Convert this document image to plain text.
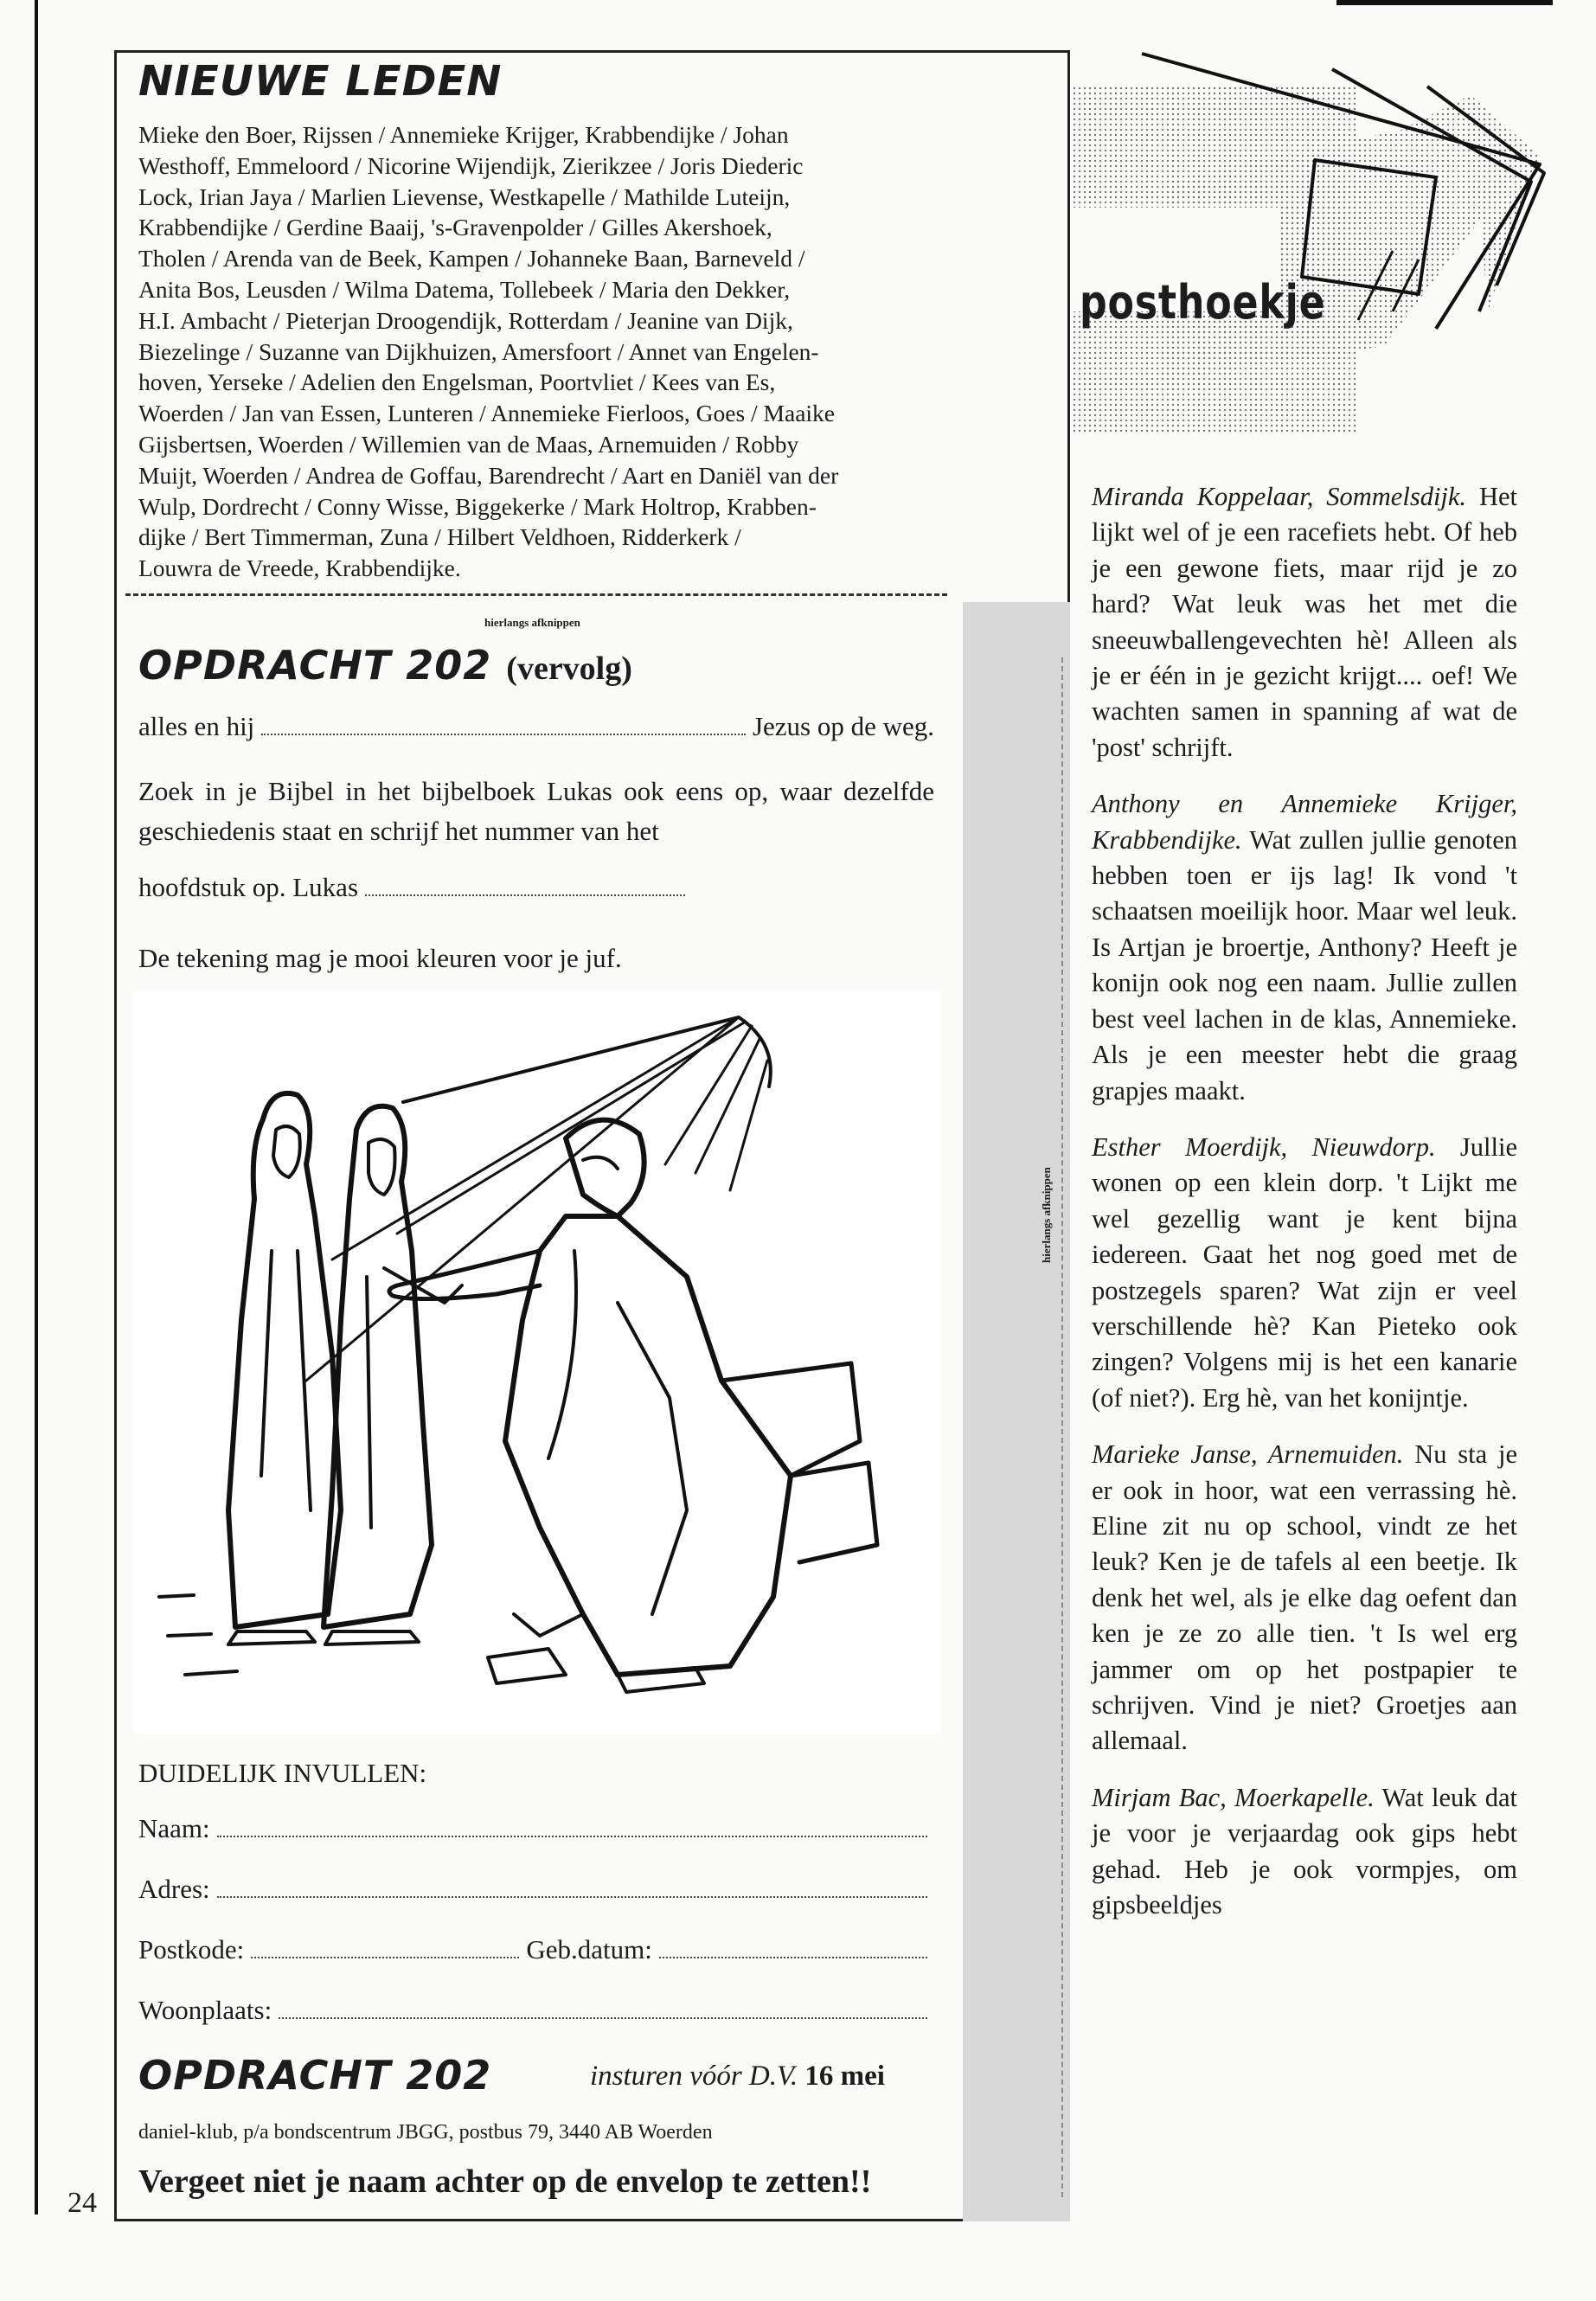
24
hierlangs afknippen
NIEUWE LEDEN
Mieke den Boer, Rijssen / Annemieke Krijger, Krabbendijke / Johan
Westhoff, Emmeloord / Nicorine Wijendijk, Zierikzee / Joris Diederic
Lock, Irian Jaya / Marlien Lievense, Westkapelle / Mathilde Luteijn,
Krabbendijke / Gerdine Baaij, 's-Gravenpolder / Gilles Akershoek,
Tholen / Arenda van de Beek, Kampen / Johanneke Baan, Barneveld /
Anita Bos, Leusden / Wilma Datema, Tollebeek / Maria den Dekker,
H.I. Ambacht / Pieterjan Droogendijk, Rotterdam / Jeanine van Dijk,
Biezelinge / Suzanne van Dijkhuizen, Amersfoort / Annet van Engelen-
hoven, Yerseke / Adelien den Engelsman, Poortvliet / Kees van Es,
Woerden / Jan van Essen, Lunteren / Annemieke Fierloos, Goes / Maaike
Gijsbertsen, Woerden / Willemien van de Maas, Arnemuiden / Robby
Muijt, Woerden / Andrea de Goffau, Barendrecht / Aart en Daniël van der
Wulp, Dordrecht / Conny Wisse, Biggekerke / Mark Holtrop, Krabben-
dijke / Bert Timmerman, Zuna / Hilbert Veldhoen, Ridderkerk /
Louwra de Vreede, Krabbendijke.
hierlangs afknippen
OPDRACHT 202 (vervolg)
alles en hij	Jezus op de weg.
Zoek in je Bijbel in het bijbelboek Lukas ook eens op, waar dezelfde geschiedenis staat en schrijf het nummer van het
hoofdstuk op. Lukas
De tekening mag je mooi kleuren voor je juf.
DUIDELIJK INVULLEN:
Naam:
Adres:
Postkode:	Geb.datum:
Woonplaats:
OPDRACHT 202	insturen vóór D.V. 16 mei
daniel-klub, p/a bondscentrum JBGG, postbus 79, 3440 AB Woerden
Vergeet niet je naam achter op de envelop te zetten!!
posthoekje

Miranda Koppelaar, Sommelsdijk. Het lijkt wel of je een racefiets hebt. Of heb je een gewone fiets, maar rijd je zo hard? Wat leuk was het met die sneeuwballengevechten hè! Alleen als je er één in je gezicht krijgt.... oef! We wachten samen in spanning af wat de 'post' schrijft.

Anthony en Annemieke Krijger, Krabbendijke. Wat zullen jullie genoten hebben toen er ijs lag! Ik vond 't schaatsen moeilijk hoor. Maar wel leuk. Is Artjan je broertje, Anthony? Heeft je konijn ook nog een naam. Jullie zullen best veel lachen in de klas, Annemieke. Als je een meester hebt die graag grapjes maakt.

Esther Moerdijk, Nieuwdorp. Jullie wonen op een klein dorp. 't Lijkt me wel gezellig want je kent bijna iedereen. Gaat het nog goed met de postzegels sparen? Wat zijn er veel verschillende hè? Kan Pieteko ook zingen? Volgens mij is het een kanarie (of niet?). Erg hè, van het konijntje.

Marieke Janse, Arnemuiden. Nu sta je er ook in hoor, wat een verrassing hè. Eline zit nu op school, vindt ze het leuk? Ken je de tafels al een beetje. Ik denk het wel, als je elke dag oefent dan ken je ze zo alle tien. 't Is wel erg jammer om op het postpapier te schrijven. Vind je niet? Groetjes aan allemaal.

Mirjam Bac, Moerkapelle. Wat leuk dat je voor je verjaardag ook gips hebt gehad. Heb je ook vormpjes, om gipsbeeldjes
